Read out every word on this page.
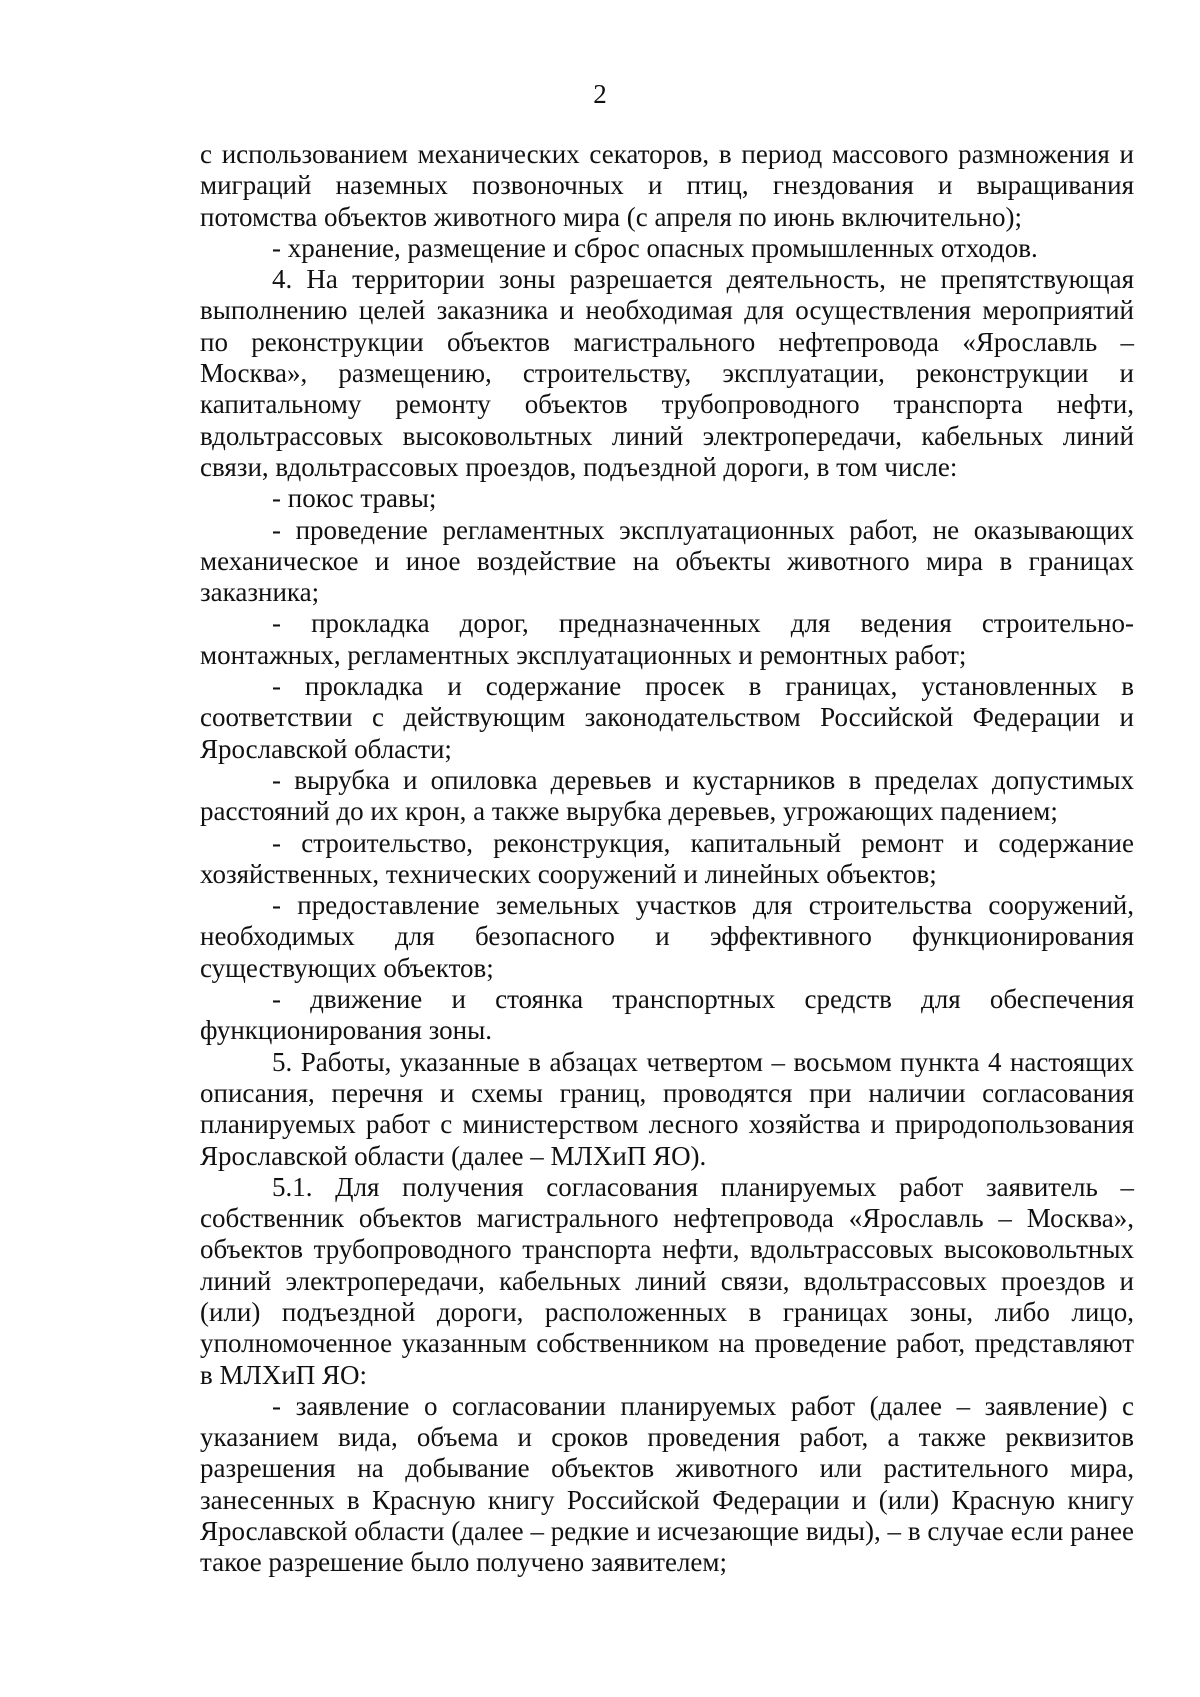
2

с использованием механических секаторов, в период массового размножения и миграций наземных позвоночных и птиц, гнездования и выращивания потомства объектов животного мира (с апреля по июнь включительно);

- хранение, размещение и сброс опасных промышленных отходов.

4. На территории зоны разрешается деятельность, не препятствующая выполнению целей заказника и необходимая для осуществления мероприятий по реконструкции объектов магистрального нефтепровода «Ярославль – Москва», размещению, строительству, эксплуатации, реконструкции и капитальному ремонту объектов трубопроводного транспорта нефти, вдольтрассовых высоковольтных линий электропередачи, кабельных линий связи, вдольтрассовых проездов, подъездной дороги, в том числе:

- покос травы;

- проведение регламентных эксплуатационных работ, не оказывающих механическое и иное воздействие на объекты животного мира в границах заказника;

- прокладка дорог, предназначенных для ведения строительно-монтажных, регламентных эксплуатационных и ремонтных работ;

- прокладка и содержание просек в границах, установленных в соответствии с действующим законодательством Российской Федерации и Ярославской области;

- вырубка и опиловка деревьев и кустарников в пределах допустимых расстояний до их крон, а также вырубка деревьев, угрожающих падением;

- строительство, реконструкция, капитальный ремонт и содержание хозяйственных, технических сооружений и линейных объектов;

- предоставление земельных участков для строительства сооружений, необходимых для безопасного и эффективного функционирования существующих объектов;

- движение и стоянка транспортных средств для обеспечения функционирования зоны.

5. Работы, указанные в абзацах четвертом – восьмом пункта 4 настоящих описания, перечня и схемы границ, проводятся при наличии согласования планируемых работ с министерством лесного хозяйства и природопользования Ярославской области (далее – МЛХиП ЯО).

5.1. Для получения согласования планируемых работ заявитель – собственник объектов магистрального нефтепровода «Ярославль – Москва», объектов трубопроводного транспорта нефти, вдольтрассовых высоковольтных линий электропередачи, кабельных линий связи, вдольтрассовых проездов и (или) подъездной дороги, расположенных в границах зоны, либо лицо, уполномоченное указанным собственником на проведение работ, представляют в МЛХиП ЯО:

- заявление о согласовании планируемых работ (далее – заявление) с указанием вида, объема и сроков проведения работ, а также реквизитов разрешения на добывание объектов животного или растительного мира, занесенных в Красную книгу Российской Федерации и (или) Красную книгу Ярославской области (далее – редкие и исчезающие виды), – в случае если ранее такое разрешение было получено заявителем;
